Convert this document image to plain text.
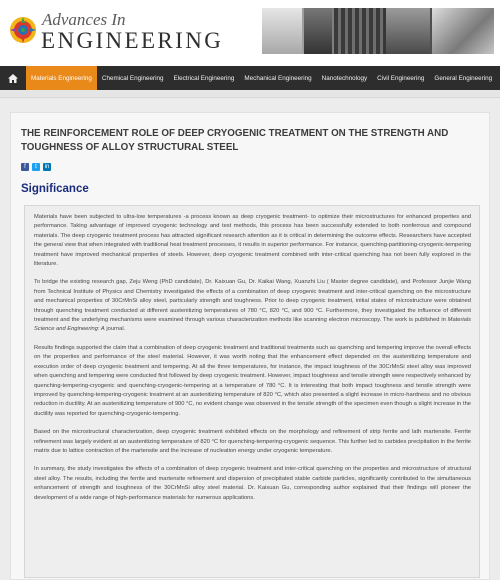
Advances In
ENGINEERING
Materials Engineering	Chemical Engineering	Electrical Engineering	Mechanical Engineering	Nanotechnology	Civil Engineering	General Engineering
THE REINFORCEMENT ROLE OF DEEP CRYOGENIC TREATMENT ON THE STRENGTH AND TOUGHNESS OF ALLOY STRUCTURAL STEEL
f	t	in
Significance

Materials have been subjected to ultra-low temperatures -a process known as deep cryogenic treatment- to optimize their microstructures for enhanced properties and performance. Taking advantage of improved cryogenic technology and test methods, this process has been successfully extended to both nonferrous and compound materials. The deep cryogenic treatment process has attracted significant research attention as it is critical in determining the outcome effects. Researchers have accepted the general view that when integrated with traditional heat treatment processes, it results in superior performance. For instance, quenching-partitioning-cryogenic-tempering treatment have improved mechanical properties of steels. However, deep cryogenic treatment combined with inter-critical quenching has not been fully explored in the literature.

To bridge the existing research gap, Zeju Weng (PhD candidate), Dr. Kaixuan Gu, Dr. Kaikai Wang, Xuanzhi Liu ( Master degree candidate), and Professor Junjie Wang from Technical Institute of Physics and Chemistry investigated the effects of a combination of deep cryogenic treatment and inter-critical quenching on the microstructure and mechanical properties of 30CrMnSi alloy steel, particularly strength and toughness. Prior to deep cryogenic treatment, initial states of microstructure were obtained through quenching treatment conducted at different austenitizing temperatures of 780 °C, 820 °C, and 900 °C. Furthermore, they investigated the influence of different treatment and the underlying mechanisms were examined through various characterization methods like scanning electron microscopy. The work is published in Materials Science and Engineering: A journal.

Results findings supported the claim that a combination of deep cryogenic treatment and traditional treatments such as quenching and tempering improve the overall effects on the properties and performance of the steel material. However, it was worth noting that the enhancement effect depended on the austenitizing temperature and execution order of deep cryogenic treatment and tempering. At all the three temperatures, for instance, the impact toughness of the 30CrMnSi steel alloy was improved when quenching and tempering were conducted first followed by deep cryogenic treatment. However, impact toughness and tensile strength were respectively enhanced by quenching-tempering-cryogenic and quenching-cryogenic-tempering at a temperature of 780 °C. It is interesting that both impact toughness and tensile strength were improved by quenching-tempering-cryogenic treatment at an austenitizing temperature of 820 °C, which also presented a slight increase in micro-hardness and no obvious reduction in ductility. At an austenitizing temperature of 900 °C, no evident change was observed in the tensile strength of the specimen even though a slight increase in the ductility was reported for quenching-cryogenic-tempering.

Based on the microstructural characterization, deep cryogenic treatment exhibited effects on the morphology and refinement of strip ferrite and lath martensite. Ferrite refinement was largely evident at an austenitizing temperature of 820 °C for quenching-tempering-cryogenic sequence. This further led to carbides precipitation in the ferrite matrix due to lattice contraction of the martensite and the increase of nucleation energy under cryogenic temperature.

In summary, the study investigates the effects of a combination of deep cryogenic treatment and inter-critical quenching on the properties and microstructure of structural steel alloy. The results, including the ferrite and martensite refinement and dispersion of precipitated stable carbide particles, significantly contributed to the simultaneous enhancement of strength and toughness of the 30CrMnSi alloy steel material. Dr. Kaixuan Gu, corresponding author explained that their findings will pioneer the development of a wide range of high-performance materials for numerous applications.
